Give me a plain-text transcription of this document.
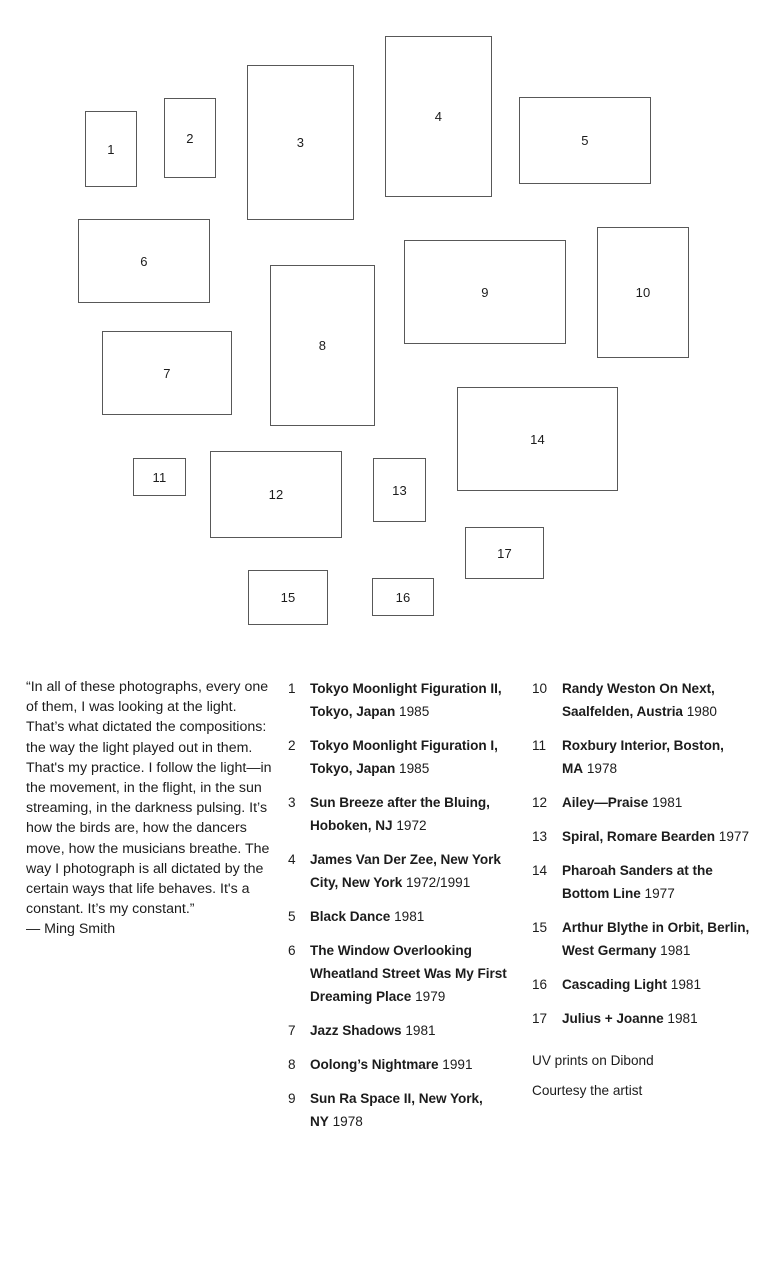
1
2	3
4
5
6
7
8
9	10
11
12	13
14
15	16
17

“In all of these photographs, every one of them, I was looking at the light. That’s what dictated the compositions: the way the light played out in them. That's my practice. I follow the light—in the movement, in the flight, in the sun streaming, in the darkness pulsing. It’s how the birds are, how the dancers move, how the musicians breathe. The way I photograph is all dictated by the certain ways that life behaves. It's a constant. It’s my constant.”

— Ming Smith

1	Tokyo Moonlight Figuration II, Tokyo, Japan 1985
2	Tokyo Moonlight Figuration I, Tokyo, Japan 1985
3	Sun Breeze after the Bluing, Hoboken, NJ 1972
4	James Van Der Zee, New York City, New York 1972/1991
5	Black Dance 1981
6	The Window Overlooking Wheatland Street Was My First Dreaming Place 1979
7	Jazz Shadows 1981
8	Oolong’s Nightmare 1991
9	Sun Ra Space II, New York, NY 1978
10	Randy Weston On Next, Saalfelden, Austria 1980
11	Roxbury Interior, Boston, MA 1978
12	Ailey—Praise 1981
13	Spiral, Romare Bearden 1977
14	Pharoah Sanders at the Bottom Line 1977
15	Arthur Blythe in Orbit, Berlin, West Germany 1981
16	Cascading Light 1981
17	Julius + Joanne 1981
UV prints on Dibond
Courtesy the artist
